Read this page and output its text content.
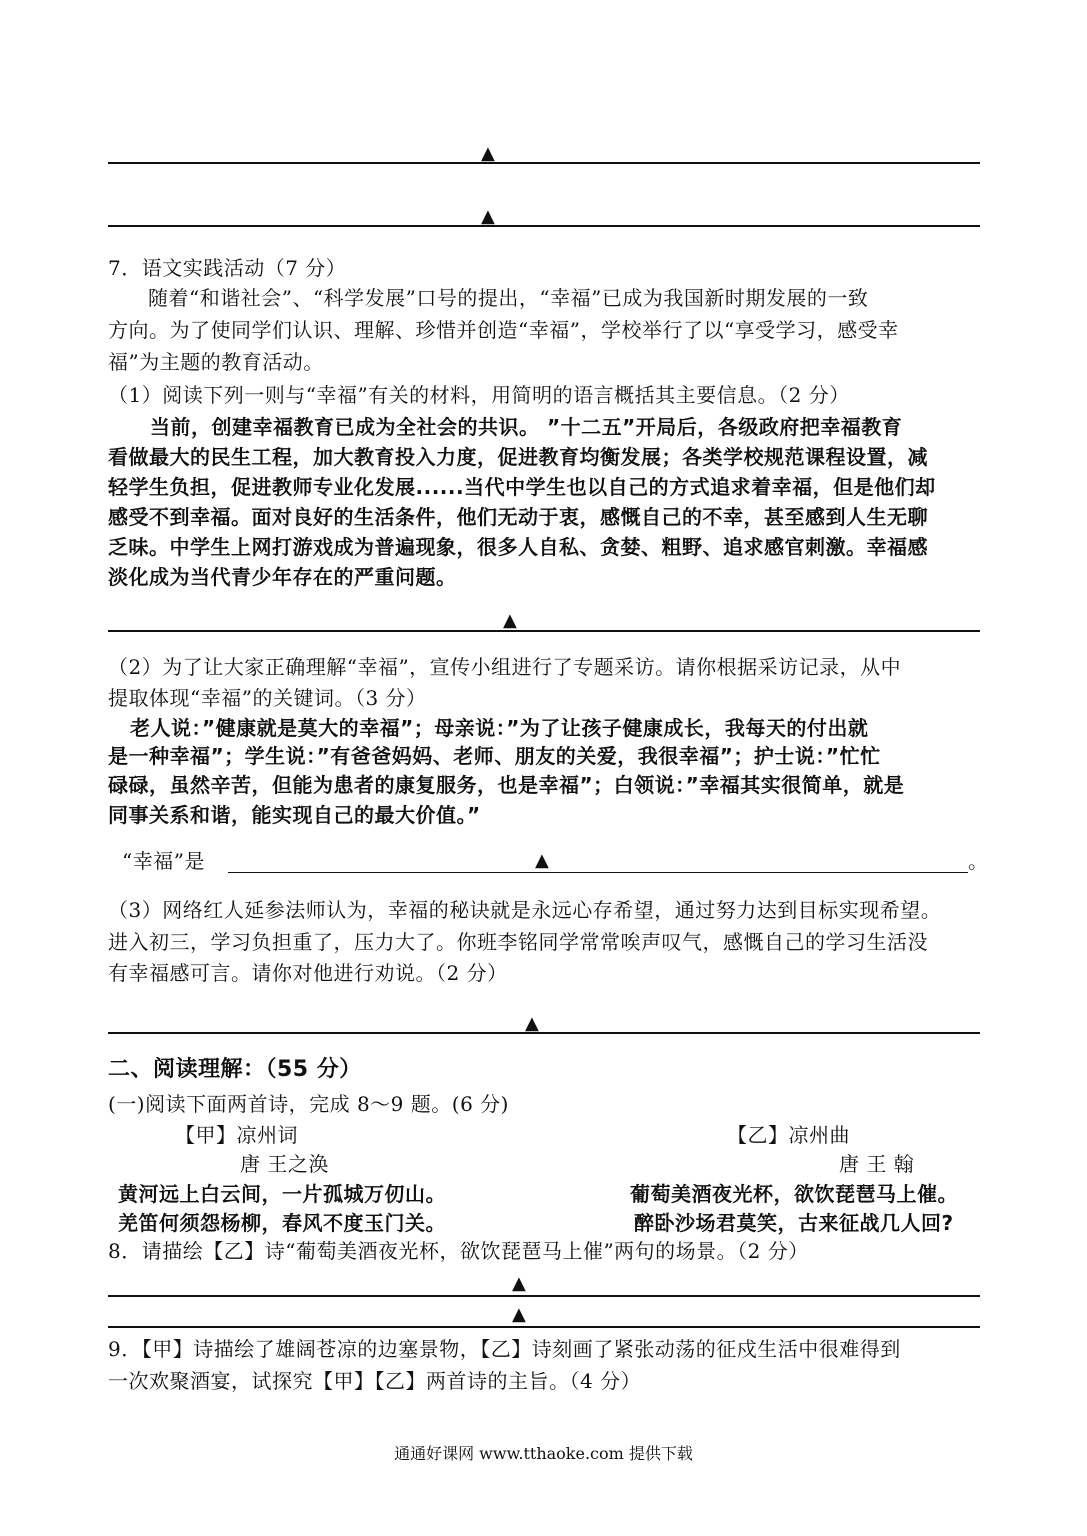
▲
▲
7．语文实践活动（7 分）
随着“和谐社会”、“科学发展”口号的提出，“幸福”已成为我国新时期发展的一致
方向。为了使同学们认识、理解、珍惜并创造“幸福”，学校举行了以“享受学习，感受幸
福”为主题的教育活动。
（1）阅读下列一则与“幸福”有关的材料，用简明的语言概括其主要信息。（2 分）
当前，创建幸福教育已成为全社会的共识。 ”十二五”开局后，各级政府把幸福教育
看做最大的民生工程，加大教育投入力度，促进教育均衡发展；各类学校规范课程设置，减
轻学生负担，促进教师专业化发展......当代中学生也以自己的方式追求着幸福，但是他们却
感受不到幸福。面对良好的生活条件，他们无动于衷，感慨自己的不幸，甚至感到人生无聊
乏味。中学生上网打游戏成为普遍现象，很多人自私、贪婪、粗野、追求感官刺激。幸福感
淡化成为当代青少年存在的严重问题。
▲
（2）为了让大家正确理解“幸福”，宣传小组进行了专题采访。请你根据采访记录，从中
提取体现“幸福”的关键词。（3 分）
老人说：”健康就是莫大的幸福”；母亲说：”为了让孩子健康成长，我每天的付出就
是一种幸福”；学生说：”有爸爸妈妈、老师、朋友的关爱，我很幸福”；护士说：”忙忙
碌碌，虽然辛苦，但能为患者的康复服务，也是幸福”；白领说：”幸福其实很简单，就是
同事关系和谐，能实现自己的最大价值。”
“幸福”是	▲	。
（3）网络红人延参法师认为，幸福的秘诀就是永远心存希望，通过努力达到目标实现希望。
进入初三，学习负担重了，压力大了。你班李铭同学常常唉声叹气，感慨自己的学习生活没
有幸福感可言。请你对他进行劝说。（2 分）
▲
二、阅读理解：（55 分）
(一)阅读下面两首诗，完成 8～9 题。(6 分)
【甲】凉州词
唐 王之涣
黄河远上白云间，一片孤城万仞山。
羌笛何须怨杨柳，春风不度玉门关。
【乙】凉州曲
唐 王 翰
葡萄美酒夜光杯，欲饮琵琶马上催。
醉卧沙场君莫笑，古来征战几人回?
8．请描绘【乙】诗“葡萄美酒夜光杯，欲饮琵琶马上催”两句的场景。（2 分）
▲
▲
9．【甲】诗描绘了雄阔苍凉的边塞景物，【乙】诗刻画了紧张动荡的征戍生活中很难得到
一次欢聚酒宴，试探究【甲】【乙】两首诗的主旨。（4 分）
通通好课网 www.tthaoke.com 提供下载
